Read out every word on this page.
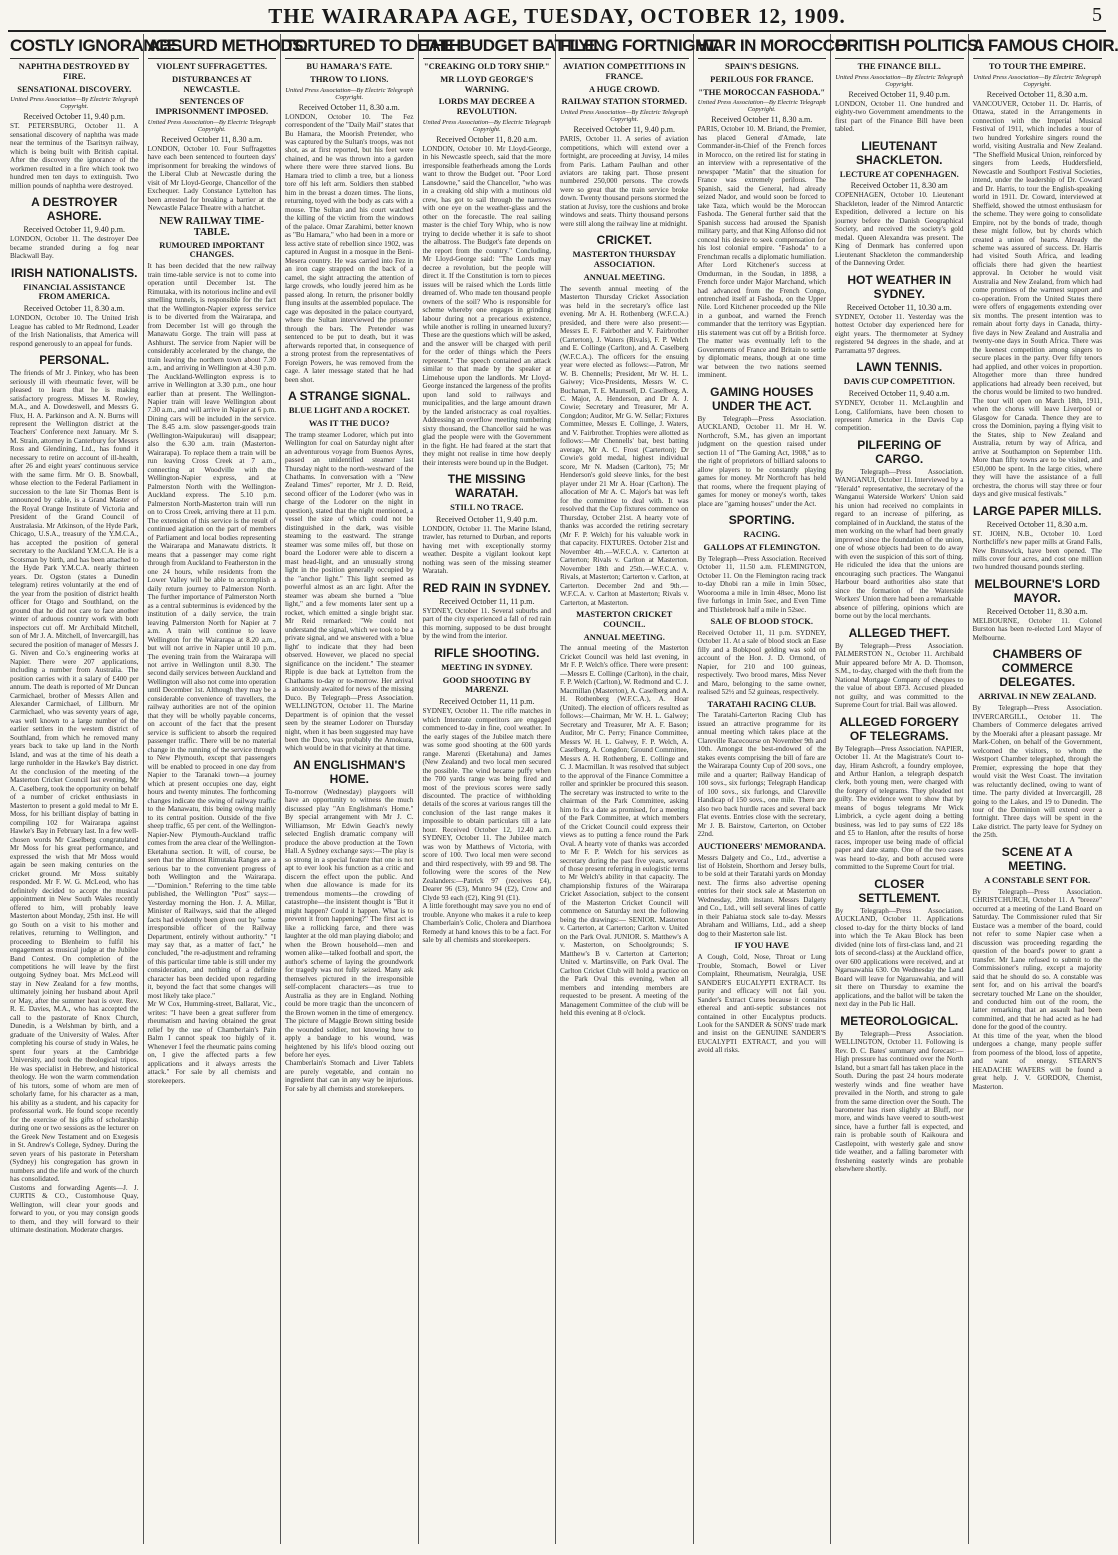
THE WAIRARAPA AGE, TUESDAY, OCTOBER 12, 1909.	5
COSTLY IGNORANCE.
NAPHTHA DESTROYED BY FIRE.
SENSATIONAL DISCOVERY.
United Press Association—By Electric Telegraph Copyright.
Received October 11, 9.40 p.m.
ST. PETERSBURG, October 11. A sensational discovery of naphtha was made near the terminus of the Tsaritsyn railway, which is being built with British capital. After the discovery the ignorance of the workmen resulted in a fire which took two hundred men ten days to extinguish. Two million pounds of naphtha were destroyed.
A DESTROYER ASHORE.
Received October 11, 9.40 p.m.
LONDON, October 11. The destroyer Dee became stranded during a fog near Blackwall Bay.
IRISH NATIONALISTS.
FINANCIAL ASSISTANCE FROM AMERICA.
Received October 11, 8.30 a.m.
LONDON, October 10. The United Irish League has cabled to Mr Redmond, Leader of the Irish Nationalists, that America will respond generously to an appeal for funds.
PERSONAL.
The friends of Mr J. Pinkey, who has been seriously ill with rheumatic fever, will be pleased to learn that he is making satisfactory progress. Misses M. Rowley, M.A., and A. Dowdeswell, and Messrs G. Flux, H. A. Parkinson and A. N. Burns will represent the Wellington district at the Teachers' Conference next January. Mr S. M. Strain, attorney in Canterbury for Messrs Ross and Glendining, Ltd., has found it necessary to retire on account of ill-health, after 26 and eight years' continuous service with the same firm. Mr O. B. Snowball, whose election to the Federal Parliament in succession to the late Sir Thomas Bent is announced by cable, is a Grand Master of the Royal Orange Institute of Victoria and President of the Grand Council of Australasia. Mr Atkinson, of the Hyde Park, Chicago, U.S.A., treasury of the Y.M.C.A., has accepted the position of general secretary to the Auckland Y.M.C.A. He is a Scotsman by birth, and has been attached to the Hyde Park Y.M.C.A. nearly thirteen years. Dr. Ogston (states a Dunedin telegram) retires voluntarily at the end of the year from the position of district health officer for Otago and Southland, on the ground that he did not care to face another winter of arduous country work with both inspectors cut off. Mr Archibald Mitchell, son of Mr J. A. Mitchell, of Invercargill, has secured the position of manager of Messrs J. G. Niven and Co.'s engineering works at Napier. There were 207 applications, including a number from Australia. The position carries with it a salary of £400 per annum. The death is reported of Mr Duncan Carmichael, brother of Messrs Allen and Alexander Carmichael, of Lillburn. Mr Carmichael, who was seventy years of age, was well known to a large number of the earlier settlers in the western district of Southland, from which he removed many years back to take up land in the North Island, and was at the time of his death a large runholder in the Hawke's Bay district. At the conclusion of the meeting of the Masterton Cricket Council last evening, Mr A. Caselberg, took the opportunity on behalf of a number of cricket enthusiasts in Masterton to present a gold medal to Mr E. Moss, for his brilliant display of batting in compiling 102 for Wairarapa against Hawke's Bay in February last. In a few well-chosen words Mr Caselberg congratulated Mr Moss for his great performance, and expressed the wish that Mr Moss would again be seen making centuries on the cricket ground. Mr Moss suitably responded. Mr F. W. G. McLeod, who has definitely decided to accept the musical appointment in New South Wales recently offered to him, will probably leave Masterton about Monday, 25th inst. He will go South on a visit to his mother and relatives, returning to Wellington, and proceeding to Blenheim to fulfil his engagement as musical judge at the Jubilee Band Contest. On completion of the competitions he will leave by the first outgoing Sydney boat. Mrs McLeod will stay in New Zealand for a few months, ultimately joining her husband about April or May, after the summer heat is over. Rev. R. E. Davies, M.A., who has accepted the call to the pastorate of Knox Church, Dunedin, is a Welshman by birth, and a graduate of the University of Wales. After completing his course of study in Wales, he spent four years at the Cambridge University, and took the theological tripos. He was specialist in Hebrew, and historical theology. He won the warm commendation of his tutors, some of whom are men of scholarly fame, for his character as a man, his ability as a student, and his capacity for professorial work. He found scope recently for the exercise of his gifts of scholarship during one or two sessions as the lecturer on the Greek New Testament and on Exegesis in St. Andrew's College, Sydney. During the seven years of his pastorate in Petersham (Sydney) his congregation has grown in numbers and the life and work of the church has consolidated.
Customs and forwarding Agents—J. J. CURTIS & CO., Customhouse Quay, Wellington, will clear your goods and forward to you, or you may consign goods to them, and they will forward to their ultimate destination. Moderate charges.
ABSURD METHODS.
VIOLENT SUFFRAGETTES.
DISTURBANCES AT NEWCASTLE.
SENTENCES OF IMPRISONMENT IMPOSED.
United Press Association—By Electric Telegraph Copyright.
Received October 11, 8.30 a.m.
LONDON, October 10. Four Suffragettes have each been sentenced to fourteen days' imprisonment for breaking the windows of the Liberal Club at Newcastle during the visit of Mr Lloyd-George, Chancellor of the Exchequer. Lady Constance Lyttelton has been arrested for breaking a barrier at the Newcastle Palace Theatre with a hatchet.
NEW RAILWAY TIME-TABLE.
RUMOURED IMPORTANT CHANGES.
It has been decided that the new railway train time-table service is not to come into operation until December 1st. The Rimutaka, with its notorious incline and evil smelling tunnels, is responsible for the fact that the Wellington-Napier express service is to be diverted from the Wairarapa, and from December 1st will go through the Manawatu Gorge. The train will pass at Ashhurst. The service from Napier will be considerably accelerated by the change, the train leaving the northern town about 7.30 a.m., and arriving in Wellington at 4.30 p.m. The Auckland-Wellington express is to arrive in Wellington at 3.30 p.m., one hour earlier than at present. The Wellington-Napier train will leave Wellington about 7.30 a.m., and will arrive in Napier at 6 p.m. Dining cars will be included in the service. The 8.45 a.m. slow passenger-goods train (Wellington-Waipukurau) will disappear; also the 6.30 a.m. train (Masterton-Wairarapa). To replace them a train will be run leaving Cross Creek at 7 a.m., connecting at Woodville with the Wellington-Napier express, and at Palmerston North with the Wellington-Auckland express. The 5.10 p.m. Palmerston North-Masterton train will run on to Cross Creek, arriving there at 11 p.m. The extension of this service is the result of continued agitation on the part of members of Parliament and local bodies representing the Wairarapa and Manawatu districts. It means that a passenger may come right through from Auckland to Featherston in the one 24 hours, while residents from the Lower Valley will be able to accomplish a daily return journey to Palmerston North. The further importance of Palmerston North as a central subterminus is evidenced by the institution of a daily service, the train leaving Palmerston North for Napier at 7 a.m. A train will continue to leave Wellington for the Wairarapa at 8.20 a.m., but will not arrive in Napier until 10 p.m. The evening train from the Wairarapa will not arrive in Wellington until 8.30. The second daily services between Auckland and Wellington will also not come into operation until December 1st. Although they may be a considerable convenience of travellers, the railway authorities are not of the opinion that they will be wholly payable concerns, on account of the fact that the present service is sufficient to absorb the required passenger traffic. There will be no material change in the running of the service through to New Plymouth, except that passengers will be enabled to proceed in one day from Napier to the Taranaki town—a journey which at present occupies one day, eight hours and twenty minutes. The forthcoming changes indicate the swing of railway traffic to the Manawatu, this being owing mainly to its central position. Outside of the five sheep traffic, 65 per cent. of the Wellington-Napier-New Plymouth-Auckland traffic comes from the area clear of the Wellington-Eketahuna section. It will, of course, be seen that the almost Rimutaka Ranges are a serious bar to the convenient progress of both Wellington and the Wairarapa.—"Dominion." Referring to the time table published, the Wellington "Post" says:—Yesterday morning the Hon. J. A. Millar, Minister of Railways, said that the alleged facts had evidently been given out by "some irresponsible officer of the Railway Department, entirely without authority." "I may say that, as a matter of fact," he concluded, "the re-adjustment and reframing of this particular time table is still under my consideration, and nothing of a definite character has been decided upon regarding it, beyond the fact that some changes will most likely take place."
Mr W Cox, Humming-street, Ballarat, Vic., writes: "I have been a great sufferer from rheumatism and having obtained the great relief by the use of Chamberlain's Pain Balm I cannot speak too highly of it. Whenever I feel the rheumatic pains coming on, I give the affected parts a few applications and it always arrests the attack." For sale by all chemists and storekeepers.
TORTURED TO DEATH
BU HAMARA'S FATE.
THROW TO LIONS.
United Press Association—By Electric Telegraph Copyright.
Received October 11, 8.30 a.m.
LONDON, October 10. The Fez correspondent of the "Daily Mail" states that Bu Hamara, the Moorish Pretender, who was captured by the Sultan's troops, was not shot, as at first reported, but his feet were chained, and he was thrown into a garden where there were three starved lions. Bu Hamara tried to climb a tree, but a lioness tore off his left arm. Soldiers then stabbed him in the breast a dozen times. The lions, returning, toyed with the body as cats with a mouse. The Sultan and his court watched the killing of the victim from the windows of the palace. Omar Zarahimi, better known as "Bu Hamara," who had been in a more or less active state of rebellion since 1902, was captured in August in a mosque in the Beni-Mesera country. He was carried into Fez in an iron cage strapped on the back of a camel, the sight attracting the attention of large crowds, who loudly jeered him as he passed along. In return, the prisoner boldly flung insults at the assembled populace. The cage was deposited in the palace courtyard, where the Sultan interviewed the prisoner through the bars. The Pretender was sentenced to be put to death, but it was afterwards reported that, in consequence of a strong protest from the representatives of Foreign Powers, he was removed from the cage. A later message stated that he had been shot.
A STRANGE SIGNAL.
BLUE LIGHT AND A ROCKET.
WAS IT THE DUCO?
The tramp steamer Lodorer, which put into Wellington for coal on Saturday night after an adventurous voyage from Buenos Ayres, passed an unidentified steamer last Thursday night to the north-westward of the Chathams. In conversation with a "New Zealand Times" reporter, Mr J. D. Reid, second officer of the Lodorer (who was in charge of the Lodorer on the night in question), stated that the night mentioned, a vessel the size of which could not be distinguished in the dark, was visible steaming to the eastward. The strange steamer was some miles off, but those on board the Lodorer were able to discern a mast head-light, and an unusually strong light in the position generally occupied by the "anchor light." This light seemed as powerful almost as an arc light. After the steamer was abeam she burned a "blue light," and a few moments later sent up a rocket, which emitted a single bright star. Mr Reid remarked: "We could not understand the signal, which we took to be a private signal, and we answered with a 'blue light' to indicate that they had been observed. However, we placed no special significance on the incident." The steamer Ripple is due back at Lyttelton from the Chathams to-day or to-morrow. Her arrival is anxiously awaited for news of the missing Duco. By Telegraph—Press Association. WELLINGTON, October 11. The Marine Department is of opinion that the vessel seen by the steamer Lodorer on Thursday night, when it has been suggested may have been the Duco, was probably the Amokura, which would be in that vicinity at that time.
AN ENGLISHMAN'S HOME.
To-morrow (Wednesday) playgoers will have an opportunity to witness the much discussed play "An Englishman's Home." By special arrangement with Mr J. C. Williamson, Mr Edwin Geach's newly selected English dramatic company will produce the above production at the Town Hall. A Sydney exchange says:—The play is so strong in a special feature that one is not apt to ever look his function as a critic and discern the effect upon the public. And when due allowance is made for its tremendous moments—the crowding of catastrophe—the insistent thought is "But it might happen? Could it happen. What is to prevent it from happening?" The first act is like a rollicking farce, and there was laughter at the old man playing diabolo; and when the Brown household—men and women alike—talked football and sport, the author's scheme of laying the groundwork for tragedy was not fully seized. Many ask themselves pictured in the irresponsible self-complacent characters—as true to Australia as they are in England. Nothing could be more tragic than the unconcern of the Brown women in the time of emergency. The picture of Maggie Brown sitting beside the wounded soldier, not knowing how to apply a bandage to his wound, was heightened by his life's blood oozing out before her eyes.
Chamberlain's Stomach and Liver Tablets are purely vegetable, and contain no ingredient that can in any way be injurious. For sale by all chemists and storekeepers.
THE BUDGET BATTLE.
"CREAKING OLD TORY SHIP."
MR LLOYD GEORGE'S WARNING.
LORDS MAY DECREE A REVOLUTION.
United Press Association—By Electric Telegraph Copyright.
Received October 11, 8.20 a.m.
LONDON, October 10. Mr Lloyd-George, in his Newcastle speech, said that the more irresponsible featherheads among the Lords want to throw the Budget out. "Poor Lord Lansdowne," said the Chancellor, "who was in a creaking old ship with a mutinous old crew, has got to sail through the narrows with one eye on the weather-glass and the other on the forecastle. The real sailing master is the chief Tory Whip, who is now trying to decide whether it is safe to shoot the albatross. The Budget's fate depends on the report from the country." Concluding, Mr Lloyd-George said: "The Lords may decree a revolution, but the people will direct it. If the Constitution is torn to pieces issues will be raised which the Lords little dreamed of. Who made ten thousand people owners of the soil? Who is responsible for scheme whereby one engages in grinding labour during not a precarious existence, while another is rolling in unearned luxury? These are the questions which will be asked, and the answer will be charged with peril for the order of things which the Peers represent." The speech contained an attack similar to that made by the speaker at Limehouse upon the landlords. Mr Lloyd-George instanced the largeness of the profits upon land sold to railways and municipalities, and the large amount drawn by the landed aristocracy as coal royalties. Addressing an overflow meeting numbering sixty thousand, the Chancellor said he was glad the people were with the Government in the fight. He had feared at the start that they might not realise in time how deeply their interests were bound up in the Budget.
THE MISSING WARATAH.
STILL NO TRACE.
Received October 11, 9.40 p.m.
LONDON, October 11. The Marine Island, trawler, has returned to Durban, and reports having met with exceptionally stormy weather. Despite a vigilant lookout kept nothing was seen of the missing steamer Waratah.
RED RAIN IN SYDNEY.
Received October 11, 11 p.m.
SYDNEY, October 11. Several suburbs and part of the city experienced a fall of red rain this morning, supposed to be dust brought by the wind from the interior.
RIFLE SHOOTING.
MEETING IN SYDNEY.
GOOD SHOOTING BY MARENZI.
Received October 11, 11 p.m.
SYDNEY, October 11. The rifle matches in which Interstate competitors are engaged commenced to-day in fine, cool weather. In the early stages of the Jubilee match there was some good shooting at the 600 yards range. Marenzi (Eketahuna) and James (New Zealand) and two local men secured the possible. The wind became puffy when the 700 yards range was being fired and most of the previous scores were sadly discounted. The practice of withholding details of the scores at various ranges till the conclusion of the last range makes it impossible to obtain particulars till a late hour. Received October 12, 12.40 a.m. SYDNEY, October 11. The Jubilee match was won by Matthews of Victoria, with score of 100. Two local men were second and third respectively, with 99 and 98. The following were the scores of the New Zealanders:—Patrick 97 (receives £4), Dearer 96 (£3), Munro 94 (£2), Crow and Clyde 93 each (£2), King 91 (£1).
A little forethought may save you no end of trouble. Anyone who makes it a rule to keep Chamberlain's Colic, Cholera and Diarrhoea Remedy at hand knows this to be a fact. For sale by all chemists and storekeepers.
FLYING FORTNIGHT.
AVIATION COMPETITIONS IN FRANCE.
A HUGE CROWD.
RAILWAY STATION STORMED.
United Press Association—By Electric Telegraph Copyright.
Received October 11, 9.40 p.m.
PARIS, October 11. A series of aviation competitions, which will extend over a fortnight, are proceeding at Juvisy, 14 miles from Paris. Latham Paulhan and other aviators are taking part. Those present numbered 250,000 persons. The crowds were so great that the train service broke down. Twenty thousand persons stormed the station at Juvisy, tore the cushions and broke windows and seats. Thirty thousand persons were still along the railway line at midnight.
CRICKET.
MASTERTON THURSDAY ASSOCIATION.
ANNUAL MEETING.
The seventh annual meeting of the Masterton Thursday Cricket Association was held in the secretary's office last evening. Mr A. H. Rothenberg (W.F.C.A.) presided, and there were also present:—Messrs E. F. Fairbother and V. Fairbrother (Carterton), J. Waters (Rivals), F. P. Welch and E. Collinge (Carlton), and A. Caselberg (W.F.C.A.). The officers for the ensuing year were elected as follows:—Patron, Mr W. B. Chennells; President, Mr W. H. L. Gaiwey; Vice-Presidents, Messrs W. C. Buchanan, T. E. Maunsell, D. Caselberg, A. C. Major, A. Henderson, and Dr A. J. Cowie; Secretary and Treasurer, Mr A. Congdon; Auditor, Mr G. W. Sellar; Fixtures Committee, Messrs E. Collinge, J. Waters, and V. Fairbrother. Trophies were allotted as follows:—Mr Chennells' bat, best batting average, Mr A. C. Frost (Carterton); Dr Cowie's gold medal, highest individual score, Mr N. Madsen (Carlton), 75; Mr Henderson's gold sleeve links, for the best player under 21 Mr A. Hoar (Carlton). The allocation of Mr A. C. Major's bat was left for the committee to deal with. It was resolved that the Cup fixtures commence on Thursday, October 21st. A hearty vote of thanks was accorded the retiring secretary (Mr F. P. Welch) for his valuable work in that capacity. FIXTURES. October 21st and November 4th.—W.F.C.A. v. Carterton at Carterton; Rivals v. Carlton at Masterton. November 18th and 25th.—W.F.C.A. v. Rivals, at Masterton; Carterton v. Carlton, at Carterton. December 2nd and 9th.—W.F.C.A. v. Carlton at Masterton; Rivals v. Carterton, at Masterton.
MASTERTON CRICKET COUNCIL.
ANNUAL MEETING.
The annual meeting of the Masterton Cricket Council was held last evening, in Mr F. P. Welch's office. There were present:—Messrs E. Collinge (Carlton), in the chair, F. P. Welch (Carlton), W. Redmond and C. J. Macmillan (Masterton), A. Caselberg and A. H. Rothenberg (W.F.C.A.), A. Hoar (United). The election of officers resulted as follows:—Chairman, Mr W. H. L. Galwey; Secretary and Treasurer, Mr A. F. Bason; Auditor, Mr C. Perry; Finance Committee, Messrs W. H. L. Galwey, F. P. Welch, A. Caselberg, A. Congdon; Ground Committee, Messrs A. H. Rothenberg, E. Collinge and C. J. Macmillan. It was resolved that subject to the approval of the Finance Committee a roller and sprinkler be procured this season. The secretary was instructed to write to the chairman of the Park Committee, asking him to fix a date as promised, for a meeting of the Park Committee, at which members of the Cricket Council could express their views as to putting a fence round the Park Oval. A hearty vote of thanks was accorded to Mr F. P. Welch for his services as secretary during the past five years, several of those present referring in eulogistic terms to Mr Welch's ability in that capacity. The championship fixtures of the Wairarapa Cricket Association, subject to the consent of the Masterton Cricket Council will commence on Saturday next the following being the drawings:— SENIOR. Masterton v. Carterton, at Carterton; Carlton v. United on the Park Oval. JUNIOR. S. Matthew's A v. Masterton, on Schoolgrounds; S. Matthew's B v. Carterton at Carterton; United v. Martinsville, on Park Oval. The Carlton Cricket Club will hold a practice on the Park Oval this evening, when all members and intending members are requested to be present. A meeting of the Management Committee of the club will be held this evening at 8 o'clock.
WAR IN MOROCCO.
SPAIN'S DESIGNS.
PERILOUS FOR FRANCE.
"THE MOROCCAN FASHODA."
United Press Association—By Electric Telegraph Copyright.
Received October 11, 8.30 a.m.
PARIS, October 10. M. Briand, the Premier, has placed General d'Amade, late Commander-in-Chief of the French forces in Morocco, on the retired list for stating in an interview with a representative of the newspaper "Matin" that the situation for France was extremely perilous. The Spanish, said the General, had already seized Nador, and would soon be forced to take Taza, which would be the Moroccan Fashoda. The General further said that the Spanish success had aroused the Spanish military party, and that King Alfonso did not conceal his desire to seek compensation for his lost colonial empire. "Fashoda" to a Frenchman recalls a diplomatic humiliation. After Lord Kitchener's success at Omdurman, in the Soudan, in 1898, a French force under Major Marchand, which had advanced from the French Congo, entrenched itself at Fashoda, on the Upper Nile. Lord Kitchener proceeded up the Nile in a gunboat, and warned the French commander that the territory was Egyptian. His statement was cut off by a British force. The matter was eventually left to the Governments of France and Britain to settle by diplomatic means, though at one time war between the two nations seemed imminent.
GAMING HOUSES UNDER THE ACT.
By Telegraph—Press Association. AUCKLAND, October 11. Mr H. W. Northcroft, S.M., has given an important judgment on the question raised under section 11 of "The Gaming Act, 1908," as to the right of proprietors of billiard saloons to allow players to be constantly playing games for money. Mr Northcroft has held that rooms, where the frequent playing of games for money or money's worth, takes place are "gaming houses" under the Act.
SPORTING.
RACING.
GALLOPS AT FLEMINGTON.
By Telegraph—Press Association. Received October 11, 11.50 a.m. FLEMINGTON, October 11. On the Flemington racing track to-day Dhobi ran a mile in 1min 50sec, Woorooma a mile in 1min 48sec, Mono list five furlongs in 1min 5sec, and Even Time and Thistlebrook half a mile in 52sec.
SALE OF BLOOD STOCK.
Received October 11, 11 p.m. SYDNEY, October 11. At a sale of blood stock an Ease filly and a Bobkpool gelding was sold on account of the Hon. J. D. Ormond, of Napier, for 210 and 100 guineas, respectively. Two brood mares, Miss Never and Maro, belonging to the same owner, realised 52½ and 52 guineas, respectively.
TARATAHI RACING CLUB.
The Taratahi-Carterton Racing Club has issued an attractive programme for its annual meeting which takes place at the Clareville Racecourse on November 9th and 10th. Amongst the best-endowed of the stakes events comprising the bill of fare are the Wairarapa County Cup of 200 sovs., one mile and a quarter; Railway Handicap of 100 sovs., six furlongs; Telegraph Handicap of 100 sovs., six furlongs, and Clareville Handicap of 150 sovs., one mile. There are also two back hurdle races and several back Flat events. Entries close with the secretary, Mr J. B. Bairstow, Carterton, on October 22nd.
AUCTIONEERS' MEMORANDA.
Messrs Dalgety and Co., Ltd., advertise a list of Holstein, Shorthorn and Jersey bulls, to be sold at their Taratahi yards on Monday next. The firms also advertise opening entries for their stock sale at Masterton on Wednesday, 20th instant. Messrs Dalgety and Co., Ltd., will sell several lines of cattle in their Pahiatua stock sale to-day. Messrs Abraham and Williams, Ltd., add a sheep dog to their Masterton sale list.
IF YOU HAVE
A Cough, Cold, Nose, Throat or Lung Trouble, Stomach, Bowel or Liver Complaint, Rheumatism, Neuralgia, USE SANDER'S EUCALYPTI EXTRACT. Its purity and efficacy will not fail you. Sander's Extract Cures because it contains ethereal and anti-septic substances not contained in other Eucalyptus products. Look for the SANDER & SONS' trade mark and insist on the GENUINE SANDER'S EUCALYPTI EXTRACT, and you will avoid all risks.
BRITISH POLITICS.
THE FINANCE BILL.
United Press Association—By Electric Telegraph Copyright.
Received October 11, 9.40 p.m.
LONDON, October 11. One hundred and eighty-two Government amendments to the first part of the Finance Bill have been tabled.
LIEUTENANT SHACKLETON.
LECTURE AT COPENHAGEN.
Received October 11, 8.30 am
COPENHAGEN, October 10. Lieutenant Shackleton, leader of the Nimrod Antarctic Expedition, delivered a lecture on his journey before the Danish Geographical Society, and received the society's gold medal. Queen Alexandra was present. The King of Denmark has conferred upon Lieutenant Shackleton the commandership of the Danneving Order.
HOT WEATHER IN SYDNEY.
Received October 11, 10.30 a.m.
SYDNEY, October 11. Yesterday was the hottest October day experienced here for eight years. The thermometer at Sydney registered 94 degrees in the shade, and at Parramatta 97 degrees.
LAWN TENNIS.
DAVIS CUP COMPETITION.
Received October 11, 9.40 a.m.
SYDNEY, October 11. McLaughlin and Long, Californians, have been chosen to represent America in the Davis Cup competition.
PILFERING OF CARGO.
By Telegraph—Press Association. WANGANUI, October 11. Interviewed by a "Herald" representative, the secretary of the Wanganui Waterside Workers' Union said his union had received no complaints in regard to an increase of pilfering, as complained of in Auckland, the status of the men working on the wharf had been greatly improved since the foundation of the union, one of whose objects had been to do away with even the suspicion of this sort of thing. He ridiculed the idea that the unions are encouraging such practices. The Wanganui Harbour board authorities also state that since the formation of the Waterside Workers' Union there had been a remarkable absence of pilfering, opinions which are borne out by the local merchants.
ALLEGED THEFT.
By Telegraph—Press Association. PALMERSTON N., October 11. Archibald Muir appeared before Mr A. D. Thomson, S.M., to-day, charged with the theft from the National Mortgage Company of cheques to the value of about £873. Accused pleaded not guilty, and was committed to the Supreme Court for trial. Bail was allowed.
ALLEGED FORGERY OF TELEGRAMS.
By Telegraph—Press Association. NAPIER, October 11. At the Magistrate's Court to-day, Hiram Ashcroft, a foundry employee, and Arthur Hanlon, a telegraph despatch clerk, both young men, were charged with the forgery of telegrams. They pleaded not guilty. The evidence went to show that by means of bogus telegrams Mr Wick Limbrick, a cycle agent doing a betting business, was led to pay sums of £22 18s and £5 to Hanlon, after the results of horse races, improper use being made of official paper and date stamp. One of the two cases was heard to-day, and both accused were committed to the Supreme Court for trial.
CLOSER SETTLEMENT.
By Telegraph—Press Association. AUCKLAND, October 11. Applications closed to-day for the thirty blocks of land into which the Te Akau Block has been divided (nine lots of first-class land, and 21 lots of second-class) at the Auckland office, over 600 applications were received, and at Ngaruawahia 630. On Wednesday the Land Board will leave for Ngaruawahia, and will sit there on Thursday to examine the applications, and the ballot will be taken the next day in the Pub lic Hall.
METEOROLOGICAL.
By Telegraph—Press Association. WELLINGTON, October 11. Following is Rev. D. C. Bates' summary and forecast:—High pressure has continued over the North Island, but a smart fall has taken place in the South. During the past 24 hours moderate westerly winds and fine weather have prevailed in the North, and strong to gale from the same direction over the South. The barometer has risen slightly at Bluff, nor more, and winds have veered to south-west since, have a further fall is expected, and rain is probable south of Kaikoura and Castlepoint, with westerly gale and snow tide weather, and a falling barometer with freshening easterly winds are probable elsewhere shortly.
A FAMOUS CHOIR.
TO TOUR THE EMPIRE.
United Press Association—By Electric Telegraph Copyright.
Received October 11, 8.30 a.m.
VANCOUVER, October 11. Dr. Harris, of Ottawa, stated in the Arrangements in connection with the Imperial Musical Festival of 1911, which includes a tour of two hundred Yorkshire singers round the world, visiting Australia and New Zealand. "The Sheffield Musical Union, reinforced by singers from Leeds, Huddersfield, Newcastle and Southport Festival Societies, intend, under the leadership of Dr. Coward and Dr. Harris, to tour the English-speaking world in 1911. Dr. Coward, interviewed at Sheffield, showed the utmost enthusiasm for the scheme. They were going to consolidate Empire, not by the bonds of trade, though these might follow, but by chords which created a union of hearts. Already the scheme was assured of success. Dr. Harris had visited South Africa, and leading officials there had given the heartiest approval. In October he would visit Australia and New Zealand, from which had come promises of the warmest support and co-operation. From the United States there were offers of engagements extending over six months. The present intention was to remain about forty days in Canada, thirty-five days in New Zealand and Australia and twenty-one days in South Africa. There was the keenest competition among singers to secure places in the party. Over fifty tenors had applied, and other voices in proportion. Altogether more than three hundred applications had already been received, but the chorus would be limited to two hundred. The tour will open on March 18th, 1911, when the chorus will leave Liverpool or Glasgow for Canada. Thence they are to cross the Dominion, paying a flying visit to the States, ship to New Zealand and Australia, return by way of Africa, and arrive at Southampton on September 11th. More than fifty towns are to be visited, and £50,000 be spent. In the large cities, where they will have the assistance of a full orchestra, the chorus will stay three or four days and give musical festivals."
LARGE PAPER MILLS.
Received October 11, 8.30 a.m.
ST. JOHN, N.B., October 10. Lord Northcliffe's new paper mills at Grand Falls, New Brunswick, have been opened. The mills cover four acres, and cost one million two hundred thousand pounds sterling.
MELBOURNE'S LORD MAYOR.
Received October 11, 8.30 a.m.
MELBOURNE, October 11. Colonel Burston has been re-elected Lord Mayor of Melbourne.
CHAMBERS OF COMMERCE DELEGATES.
ARRIVAL IN NEW ZEALAND.
By Telegraph—Press Association. INVERCARGILL, October 11. The Chambers of Commerce delegates arrived by the Moeraki after a pleasant passage. Mr Mark-Cohen, on behalf of the Government, welcomed the visitors, to whom the Westport Chamber telegraphed, through the Premier, expressing the hope that they would visit the West Coast. The invitation was reluctantly declined, owing to want of time. The party divided at Invercargill, 28 going to the Lakes, and 19 to Dunedin. The tour of the Dominion will extend over a fortnight. Three days will be spent in the Lake district. The party leave for Sydney on the 25th.
SCENE AT A MEETING.
A CONSTABLE SENT FOR.
By Telegraph—Press Association. CHRISTCHURCH, October 11. A "breeze" occurred at a meeting of the Land Board on Saturday. The Commissioner ruled that Sir Eustace was a member of the board, could not refer to some Napier case when a discussion was proceeding regarding the question of the board's power to grant a transfer. Mr Lane refused to submit to the Commissioner's ruling, except a majority said that he should do so. A constable was sent for, and on his arrival the board's secretary touched Mr Lane on the shoulder, and conducted him out of the room, the latter remarking that an assault had been committed, and that he had acted as he had done for the good of the country.
At this time of the year, when the blood undergoes a change, many people suffer from poorness of the blood, loss of appetite, and want of energy. STEARN'S HEADACHE WAFERS will be found a great help. J. V. GORDON, Chemist, Masterton.
